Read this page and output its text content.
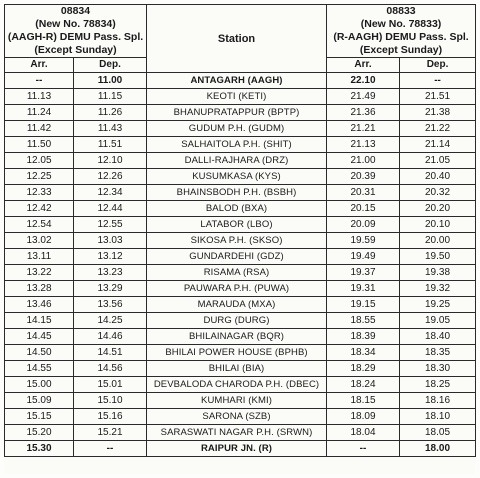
08834
(New No. 78834)
(AAGH-R) DEMU Pass. Spl.
(Except Sunday)		Station	08833
(New No. 78833)
(R-AAGH) DEMU Pass. Spl.
(Except Sunday)	

Arr.	Dep.		Arr.	Dep.
--	11.00	ANTAGARH (AAGH)	22.10	--
11.13	11.15	KEOTI (KETI)	21.49	21.51
11.24	11.26	BHANUPRATAPPUR (BPTP)	21.36	21.38
11.42	11.43	GUDUM P.H. (GUDM)	21.21	21.22
11.50	11.51	SALHAITOLA P.H. (SHIT)	21.13	21.14
12.05	12.10	DALLI-RAJHARA (DRZ)	21.00	21.05
12.25	12.26	KUSUMKASA (KYS)	20.39	20.40
12.33	12.34	BHAINSBODH P.H. (BSBH)	20.31	20.32
12.42	12.44	BALOD (BXA)	20.15	20.20
12.54	12.55	LATABOR (LBO)	20.09	20.10
13.02	13.03	SIKOSA P.H. (SKSO)	19.59	20.00
13.11	13.12	GUNDARDEHI (GDZ)	19.49	19.50
13.22	13.23	RISAMA (RSA)	19.37	19.38
13.28	13.29	PAUWARA P.H. (PUWA)	19.31	19.32
13.46	13.56	MARAUDA (MXA)	19.15	19.25
14.15	14.25	DURG (DURG)	18.55	19.05
14.45	14.46	BHILAINAGAR (BQR)	18.39	18.40
14.50	14.51	BHILAI POWER HOUSE (BPHB)	18.34	18.35
14.55	14.56	BHILAI (BIA)	18.29	18.30
15.00	15.01	DEVBALODA CHARODA P.H. (DBEC)	18.24	18.25
15.09	15.10	KUMHARI (KMI)	18.15	18.16
15.15	15.16	SARONA (SZB)	18.09	18.10
15.20	15.21	SARASWATI NAGAR P.H. (SRWN)	18.04	18.05
15.30	--	RAIPUR JN. (R)	--	18.00
